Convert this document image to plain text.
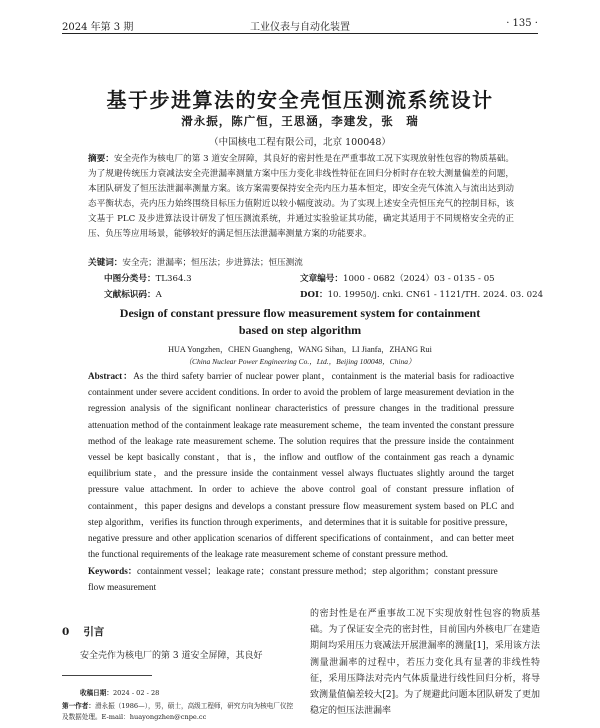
2024 年第 3 期	工业仪表与自动化装置	· 135 ·
基于步进算法的安全壳恒压测流系统设计
滑永振，陈广恒，王思涵，李建发，张　瑞
（中国核电工程有限公司，北京 100048）
摘要：安全壳作为核电厂的第 3 道安全屏障，其良好的密封性是在严重事故工况下实现放射性包容的物质基础。为了规避传统压力衰减法安全壳泄漏率测量方案中压力变化非线性特征在回归分析时存在较大测量偏差的问题，本团队研发了恒压法泄漏率测量方案。该方案需要保持安全壳内压力基本恒定，即安全壳气体流入与流出达到动态平衡状态，壳内压力始终围绕目标压力值附近以较小幅度波动。为了实现上述安全壳恒压充气的控制目标，该文基于 PLC 及步进算法设计研发了恒压测流系统，并通过实验验证其功能，确定其适用于不同规格安全壳的正压、负压等应用场景，能够较好的满足恒压法泄漏率测量方案的功能要求。
关键词：安全壳；泄漏率；恒压法；步进算法；恒压测流
中图分类号：TL364.3
文献标识码：A
文章编号：1000 - 0682（2024）03 - 0135 - 05
DOI：10. 19950/j. cnki. CN61 - 1121/TH. 2024. 03. 024
Design of constant pressure flow measurement system for containment
based on step algorithm
HUA Yongzhen，CHEN Guangheng，WANG Sihan，LI Jianfa，ZHANG Rui
（China Nuclear Power Engineering Co.，Ltd.，Beijing 100048，China）
Abstract：As the third safety barrier of nuclear power plant，containment is the material basis for radioactive containment under severe accident conditions. In order to avoid the problem of large measurement deviation in the regression analysis of the significant nonlinear characteristics of pressure changes in the traditional pressure attenuation method of the containment leakage rate measurement scheme，the team invented the constant pressure method of the leakage rate measurement scheme. The solution requires that the pressure inside the containment vessel be kept basically constant，that is，the inflow and outflow of the containment gas reach a dynamic equilibrium state，and the pressure inside the containment vessel always fluctuates slightly around the target pressure value attachment. In order to achieve the above control goal of constant pressure inflation of containment，this paper designs and develops a constant pressure flow measurement system based on PLC and step algorithm，verifies its function through experiments，and determines that it is suitable for positive pressure，negative pressure and other application scenarios of different specifications of containment，and can better meet the functional requirements of the leakage rate measurement scheme of constant pressure method.
Keywords：containment vessel；leakage rate；constant pressure method；step algorithm；constant pressure flow measurement
0 引言
安全壳作为核电厂的第 3 道安全屏障，其良好
收稿日期：2024 - 02 - 28
第一作者：滑永振（1986—），男，硕士，高级工程师，研究方向为核电厂仪控
及数据处理。E-mail：huayongzhen@cnpe.cc
的密封性是在严重事故工况下实现放射性包容的物质基础。为了保证安全壳的密封性，目前国内外核电厂在建造期间均采用压力衰减法开展泄漏率的测量[1]，采用该方法测量泄漏率的过程中，若压力变化具有显著的非线性特征，采用压降法对壳内气体质量进行线性回归分析，将导致测量值偏差较大[2]。为了规避此问题本团队研发了更加稳定的恒压法泄漏率
